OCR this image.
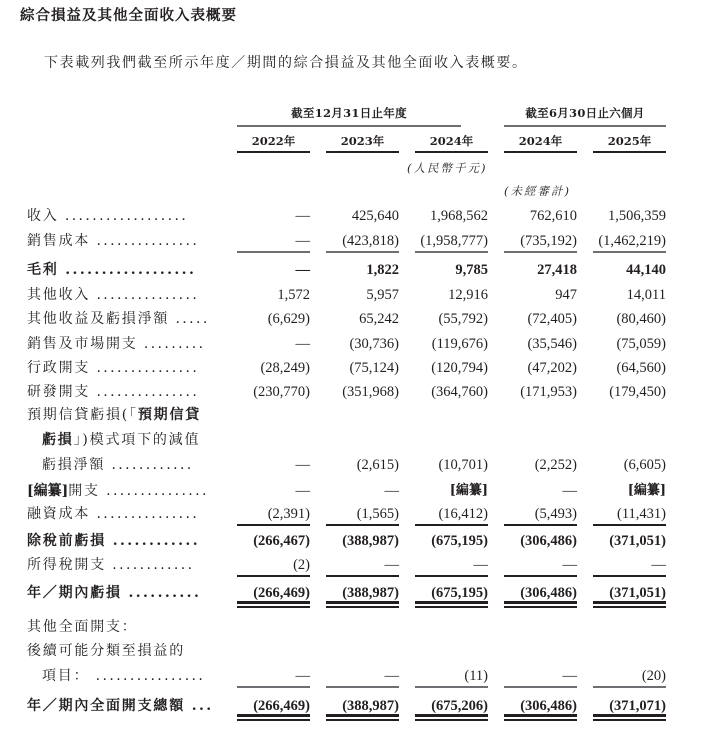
綜合損益及其他全面收入表概要
下表載列我們截至所示年度／期間的綜合損益及其他全面收入表概要。
截至12月31日止年度	截至6月30日止六個月
2022年	2023年	2024年	2024年	2025年
(人民幣千元)
(未經審計)
收入 ..................	—	425,640	1,968,562	762,610	1,506,359
銷售成本 ...............	—	(423,818)	(1,958,777)	(735,192)	(1,462,219)
毛利 ..................	—	1,822	9,785	27,418	44,140
其他收入 ...............	1,572	5,957	12,916	947	14,011
其他收益及虧損淨額 .....	(6,629)	65,242	(55,792)	(72,405)	(80,460)
銷售及市場開支 .........	—	(30,736)	(119,676)	(35,546)	(75,059)
行政開支 ...............	(28,249)	(75,124)	(120,794)	(47,202)	(64,560)
研發開支 ...............	(230,770)	(351,968)	(364,760)	(171,953)	(179,450)
預期信貸虧損(「預期信貸
虧損」)模式項下的減值
虧損淨額 ............	—	(2,615)	(10,701)	(2,252)	(6,605)
[編纂]開支 ...............	—	—	[編纂]	—	[編纂]
融資成本 ...............	(2,391)	(1,565)	(16,412)	(5,493)	(11,431)
除稅前虧損 ............	(266,467)	(388,987)	(675,195)	(306,486)	(371,051)
所得稅開支 ............	(2)	—	—	—	—
年／期內虧損 ..........	(266,469)	(388,987)	(675,195)	(306,486)	(371,051)
其他全面開支：
後續可能分類至損益的
項目： ................	—	—	(11)	—	(20)
年／期內全面開支總額 ...	(266,469)	(388,987)	(675,206)	(306,486)	(371,071)
